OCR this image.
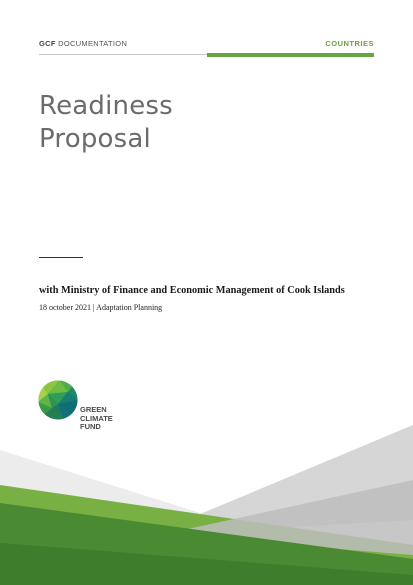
GCF DOCUMENTATION	COUNTRIES
Readiness
Proposal
with Ministry of Finance and Economic Management of Cook Islands
18 october 2021 | Adaptation Planning
GREEN
CLIMATE
FUND
